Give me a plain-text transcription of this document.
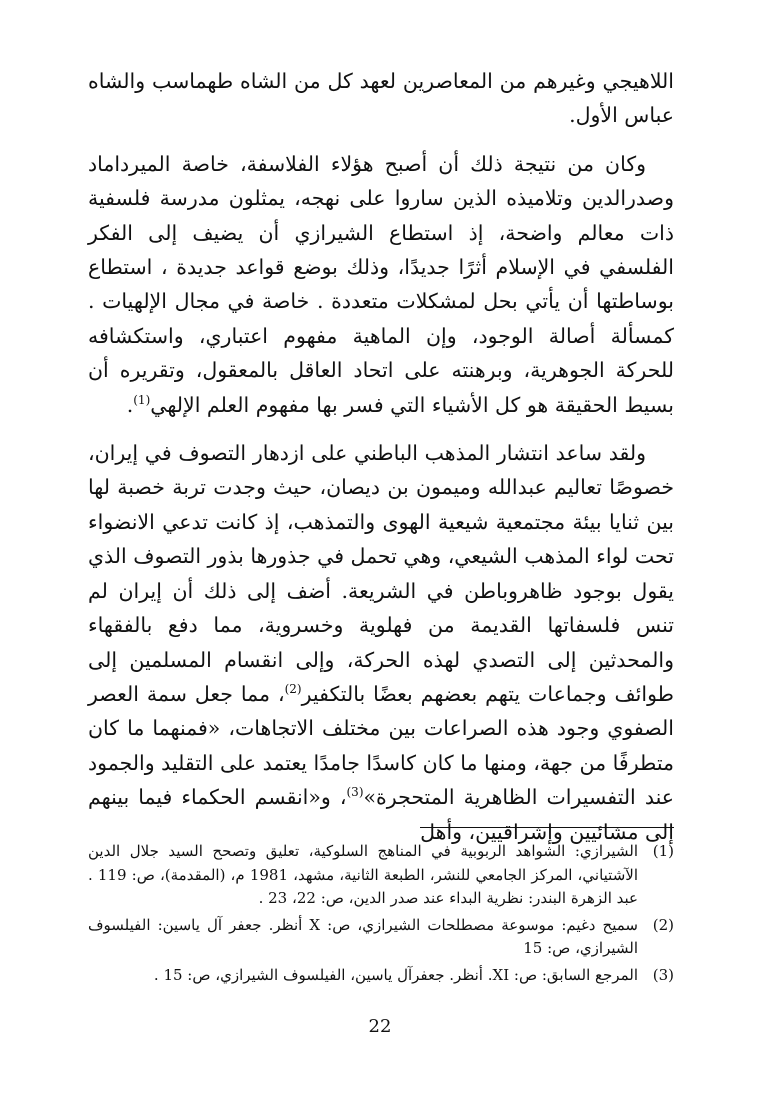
اللاهيجي وغيرهم من المعاصرين لعهد كل من الشاه طهماسب والشاه عباس الأول.

وكان من نتيجة ذلك أن أصبح هؤلاء الفلاسفة، خاصة الميرداماد وصدرالدين وتلاميذه الذين ساروا على نهجه، يمثلون مدرسة فلسفية ذات معالم واضحة، إذ استطاع الشيرازي أن يضيف إلى الفكر الفلسفي في الإسلام أثرًا جديدًا، وذلك بوضع قواعد جديدة ، استطاع بوساطتها أن يأتي بحل لمشكلات متعددة . خاصة في مجال الإلهيات . كمسألة أصالة الوجود، وإن الماهية مفهوم اعتباري، واستكشافه للحركة الجوهرية، وبرهنته على اتحاد العاقل بالمعقول، وتقريره أن بسيط الحقيقة هو كل الأشياء التي فسر بها مفهوم العلم الإلهي$^{(1)}$.

ولقد ساعد انتشار المذهب الباطني على ازدهار التصوف في إيران، خصوصًا تعاليم عبدالله وميمون بن ديصان، حيث وجدت تربة خصبة لها بين ثنايا بيئة مجتمعية شيعية الهوى والتمذهب، إذ كانت تدعي الانضواء تحت لواء المذهب الشيعي، وهي تحمل في جذورها بذور التصوف الذي يقول بوجود ظاهروباطن في الشريعة. أضف إلى ذلك أن إيران لم تنس فلسفاتها القديمة من فهلوية وخسروية، مما دفع بالفقهاء والمحدثين إلى التصدي لهذه الحركة، وإلى انقسام المسلمين إلى طوائف وجماعات يتهم بعضهم بعضًا بالتكفير$^{(2)}$، مما جعل سمة العصر الصفوي وجود هذه الصراعات بين مختلف الاتجاهات، «فمنهما ما كان متطرفًا من جهة، ومنها ما كان كاسدًا جامدًا يعتمد على التقليد والجمود عند التفسيرات الظاهرية المتحجرة»$^{(3)}$، و«انقسم الحكماء فيما بينهم إلى مشائيين وإشراقيين، وأهل

(1)
الشيرازي: الشواهد الربوبية في المناهج السلوكية، تعليق وتصحح السيد جلال الدين الآشتياني، المركز الجامعي للنشر، الطبعة الثانية، مشهد، 1981 م، (المقدمة)، ص: 119 . عبد الزهرة البندر: نظرية البداء عند صدر الدين، ص: 22، 23 .
(2)
سميح دغيم: موسوعة مصطلحات الشيرازي، ص: X أنظر. جعفر آل ياسين: الفيلسوف الشيرازي، ص: 15
(3)
المرجع السابق: ص: XI. أنظر. جعفرآل ياسين، الفيلسوف الشيرازي، ص: 15 .
22
